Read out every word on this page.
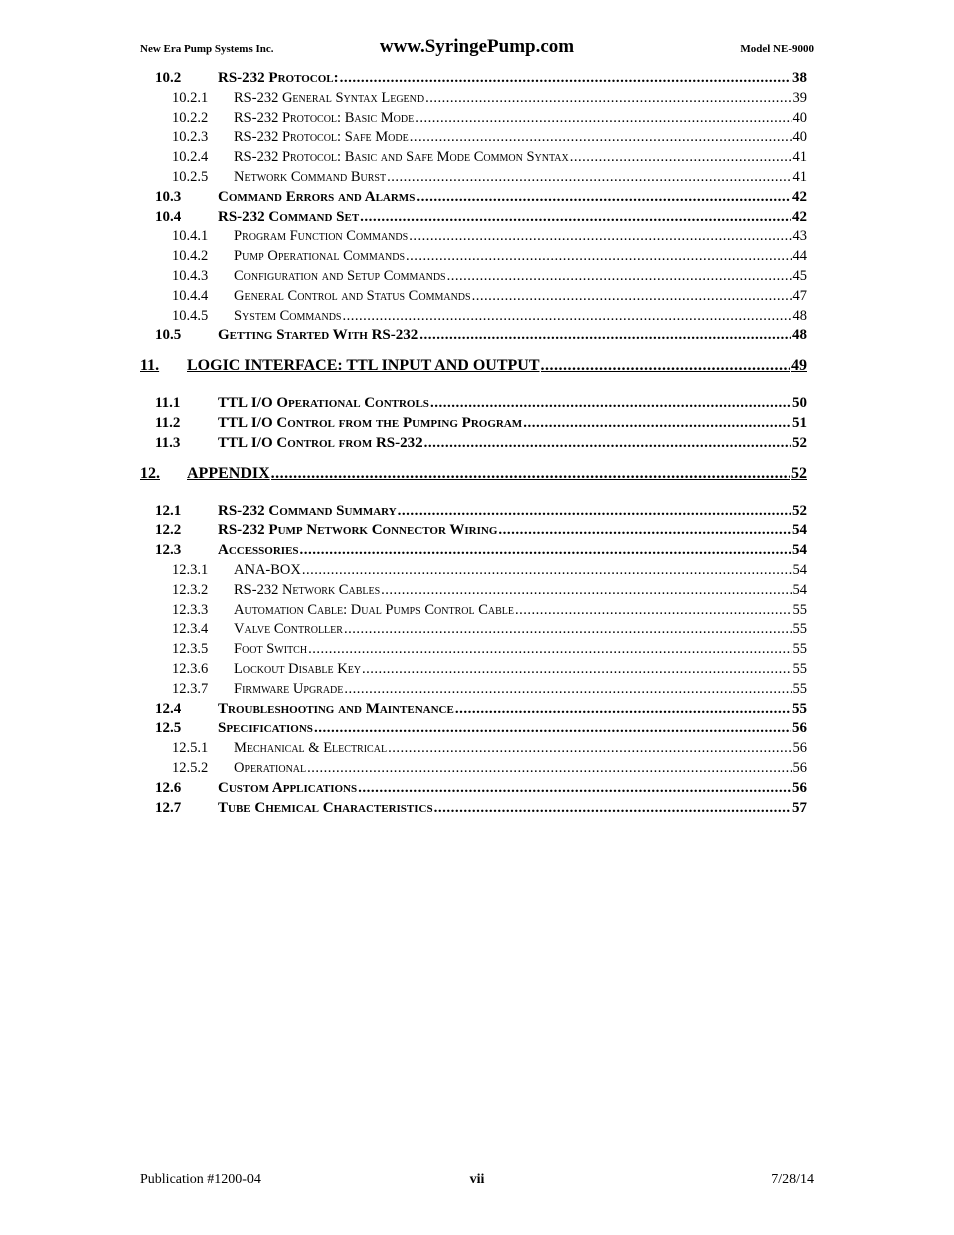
New Era Pump Systems Inc.	www.SyringePump.com	Model NE-9000
10.2	RS-232 Protocol: .....	38
10.2.1	RS-232 General Syntax Legend .....	39
10.2.2	RS-232 Protocol: Basic Mode .....	40
10.2.3	RS-232 Protocol: Safe Mode .....	40
10.2.4	RS-232 Protocol: Basic and Safe Mode Common Syntax .....	41
10.2.5	Network Command Burst .....	41
10.3	Command Errors and Alarms .....	42
10.4	RS-232 Command Set .....	42
10.4.1	Program Function Commands .....	43
10.4.2	Pump Operational Commands .....	44
10.4.3	Configuration and Setup Commands .....	45
10.4.4	General Control and Status Commands .....	47
10.4.5	System Commands .....	48
10.5	Getting Started With RS-232 .....	48
11.	LOGIC INTERFACE: TTL INPUT AND OUTPUT .....	49
11.1	TTL I/O Operational Controls .....	50
11.2	TTL I/O Control from the Pumping Program .....	51
11.3	TTL I/O Control from RS-232 .....	52
12.	APPENDIX .....	52
12.1	RS-232 Command Summary .....	52
12.2	RS-232 Pump Network Connector Wiring .....	54
12.3	Accessories .....	54
12.3.1	ANA-BOX .....	54
12.3.2	RS-232 Network Cables .....	54
12.3.3	Automation Cable: Dual Pumps Control Cable .....	55
12.3.4	Valve Controller .....	55
12.3.5	Foot Switch .....	55
12.3.6	Lockout Disable Key .....	55
12.3.7	Firmware Upgrade .....	55
12.4	Troubleshooting and Maintenance .....	55
12.5	Specifications .....	56
12.5.1	Mechanical & Electrical .....	56
12.5.2	Operational .....	56
12.6	Custom Applications .....	56
12.7	Tube Chemical Characteristics .....	57
Publication #1200-04	vii	7/28/14
